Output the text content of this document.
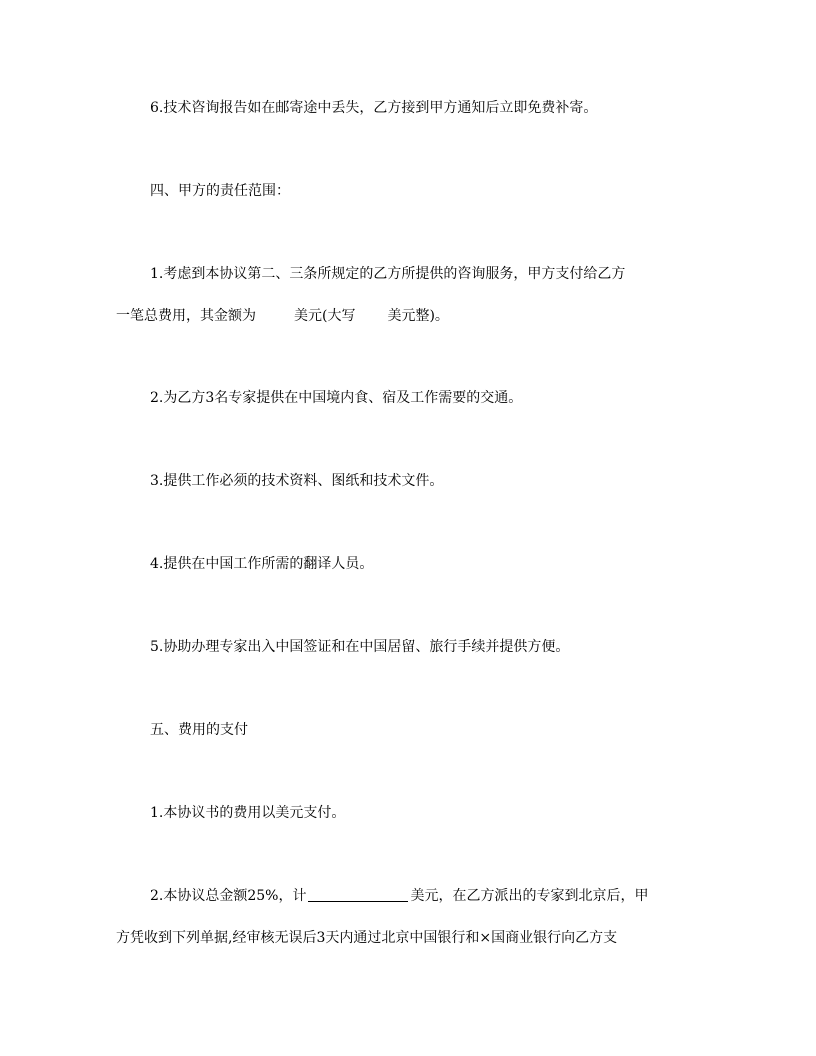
6.技术咨询报告如在邮寄途中丢失，乙方接到甲方通知后立即免费补寄。
四、甲方的责任范围：
1.考虑到本协议第二、三条所规定的乙方所提供的咨询服务，甲方支付给乙方
一笔总费用，其金额为	美元(大写 美元整)。
2.为乙方3名专家提供在中国境内食、宿及工作需要的交通。
3.提供工作必须的技术资料、图纸和技术文件。
4.提供在中国工作所需的翻译人员。
5.协助办理专家出入中国签证和在中国居留、旅行手续并提供方便。
五、费用的支付
1.本协议书的费用以美元支付。
2.本协议总金额25%，计	美元，在乙方派出的专家到北京后，甲
方凭收到下列单据,经审核无误后3天内通过北京中国银行和×国商业银行向乙方支
